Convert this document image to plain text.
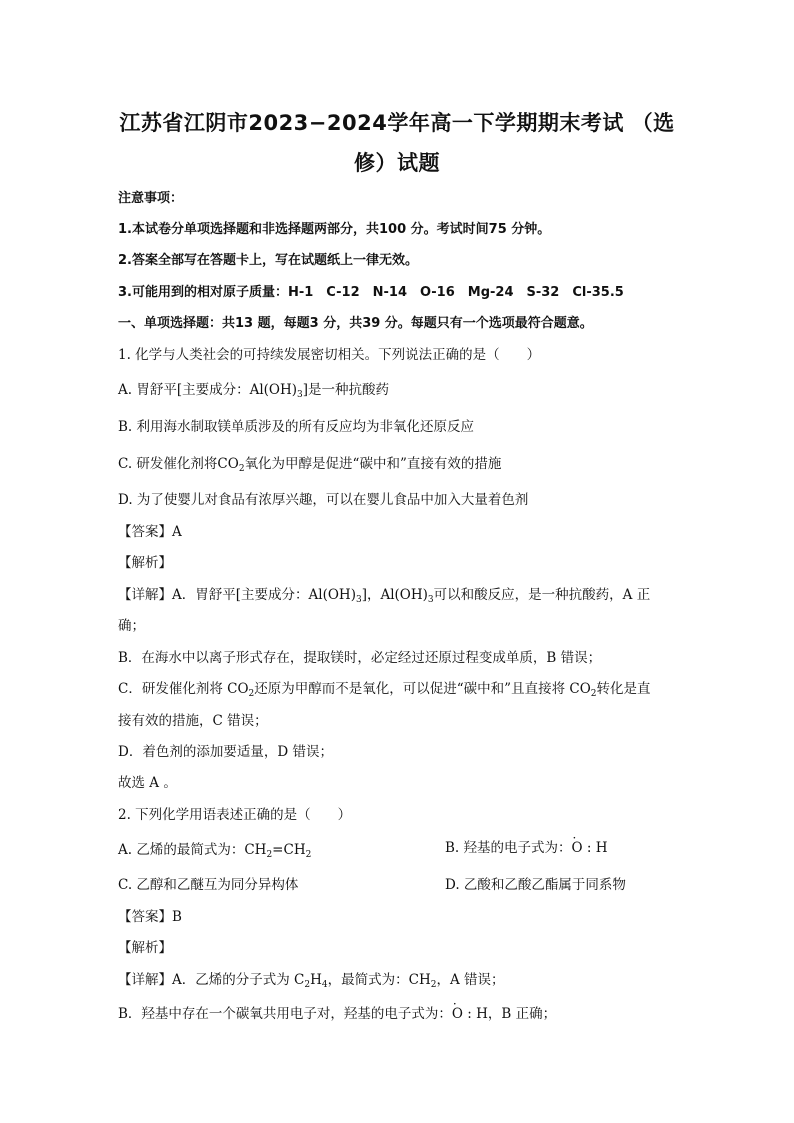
江苏省江阴市2023−2024学年高一下学期期末考试 （选
修）试题
注意事项：
1.本试卷分单项选择题和非选择题两部分，共100 分。考试时间75 分钟。
2.答案全部写在答题卡上，写在试题纸上一律无效。
3.可能用到的相对原子质量：H-1　C-12　N-14　O-16　Mg-24　S-32　Cl-35.5
一、单项选择题：共13 题，每题3 分，共39 分。每题只有一个选项最符合题意。
1. 化学与人类社会的可持续发展密切相关。下列说法正确的是（　　）
A. 胃舒平[主要成分：$Al(OH)_3$]是一种抗酸药
B. 利用海水制取镁单质涉及的所有反应均为非氧化还原反应
C. 研发催化剂将$CO_2$氧化为甲醇是促进“碳中和”直接有效的措施
D. 为了使婴儿对食品有浓厚兴趣，可以在婴儿食品中加入大量着色剂
【答案】A
【解析】
【详解】A．胃舒平[主要成分：$Al(OH)_3$]，$Al(OH)_3$可以和酸反应，是一种抗酸药，A 正
确；
B．在海水中以离子形式存在，提取镁时，必定经过还原过程变成单质，B 错误；
C．研发催化剂将 $CO_2$还原为甲醇而不是氧化，可以促进“碳中和”且直接将 $CO_2$转化是直
接有效的措施，C 错误；
D．着色剂的添加要适量，D 错误；
故选 A 。
2. 下列化学用语表述正确的是（　　）
A. 乙烯的最简式为：$CH_2=CH_2$	B. 羟基的电子式为：· O : H
C. 乙醇和乙醚互为同分异构体	D. 乙酸和乙酸乙酯属于同系物
【答案】B
【解析】
【详解】A．乙烯的分子式为 $C_2H_4$，最简式为：$CH_2$，A 错误；
B．羟基中存在一个碳氧共用电子对，羟基的电子式为：· O : H，B 正确；
